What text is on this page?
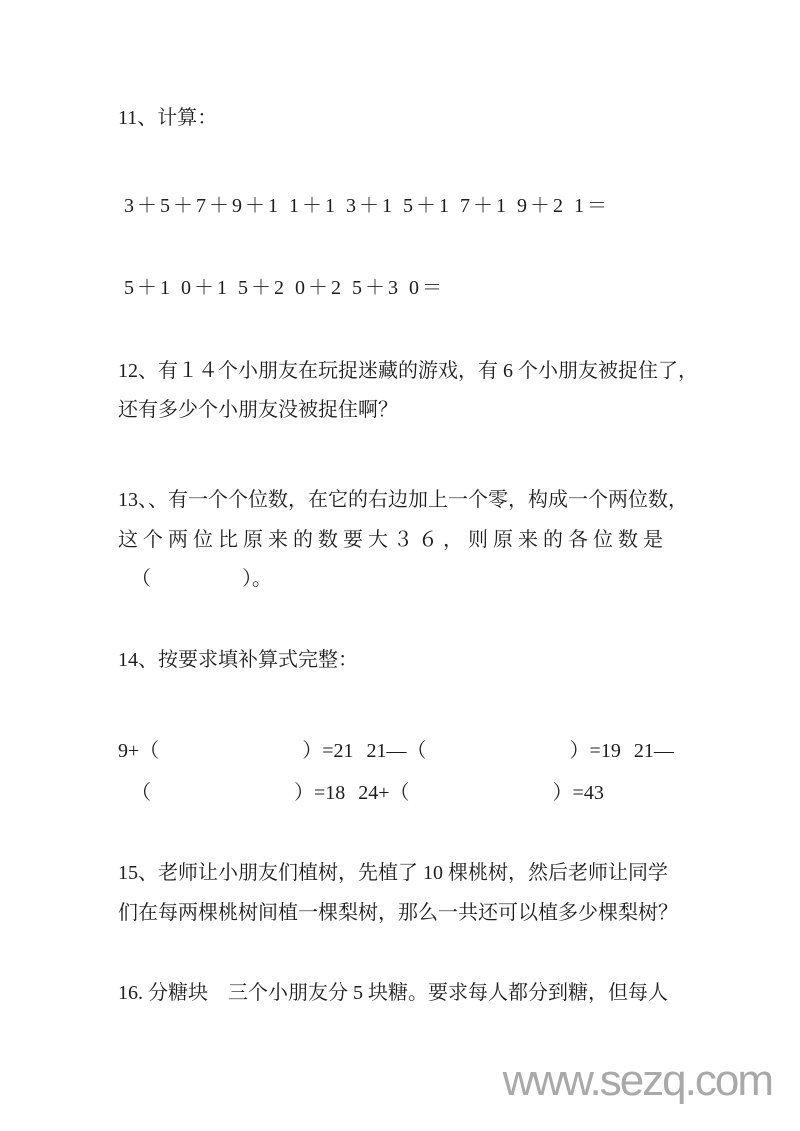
11、计算：
3＋5＋7＋9＋1 1＋1 3＋1 5＋1 7＋1 9＋2 1＝
5＋1 0＋1 5＋2 0＋2 5＋3 0＝
12、有１４个小朋友在玩捉迷藏的游戏，有 6 个小朋友被捉住了，
还有多少个小朋友没被捉住啊？
13、、有一个个位数，在它的右边加上一个零，构成一个两位数，
这个两位比原来的数要大３６，则原来的各位数是
（       ）。
14、按要求填补算式完整：
9+（           ）=21 21—（           ）=19 21—
（           ）=18 24+（           ）=43
15、老师让小朋友们植树，先植了 10 棵桃树，然后老师让同学
们在每两棵桃树间植一棵梨树，那么一共还可以植多少棵梨树？
16. 分糖块    三个小朋友分 5 块糖。要求每人都分到糖，但每人
www.sezq.com
